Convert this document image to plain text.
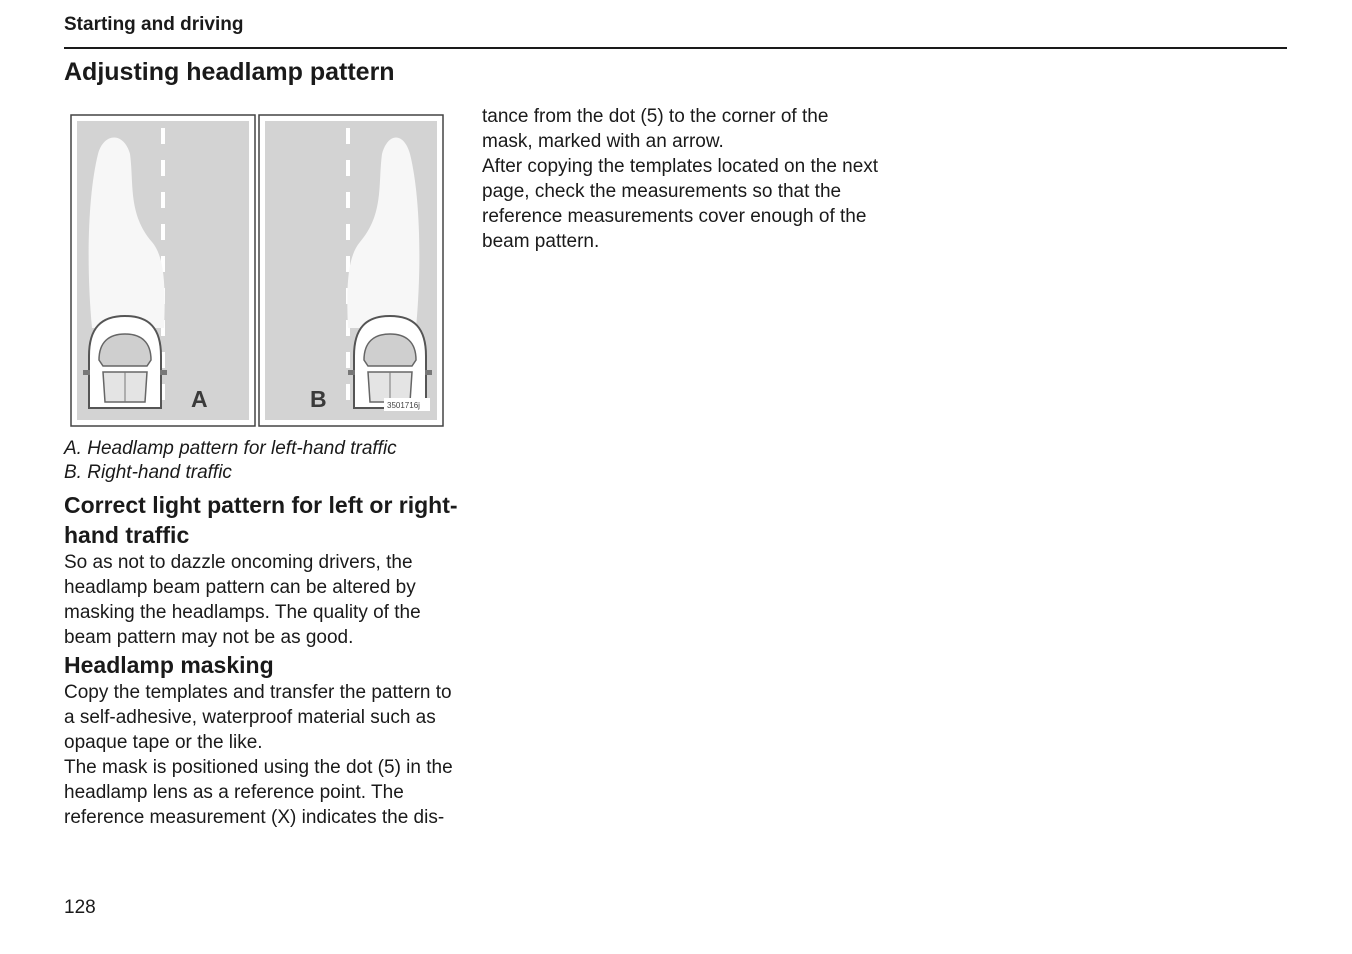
Starting and driving
Adjusting headlamp pattern
A	B	3501716j
A. Headlamp pattern for left-hand traffic
B. Right-hand traffic
Correct light pattern for left or right-hand traffic

So as not to dazzle oncoming drivers, the headlamp beam pattern can be altered by masking the headlamps. The quality of the beam pattern may not be as good.

Headlamp masking

Copy the templates and transfer the pattern to a self-adhesive, waterproof material such as opaque tape or the like.

The mask is positioned using the dot (5) in the headlamp lens as a reference point. The reference measurement (X) indicates the dis-

tance from the dot (5) to the corner of the mask, marked with an arrow.

After copying the templates located on the next page, check the measurements so that the reference measurements cover enough of the beam pattern.

128
